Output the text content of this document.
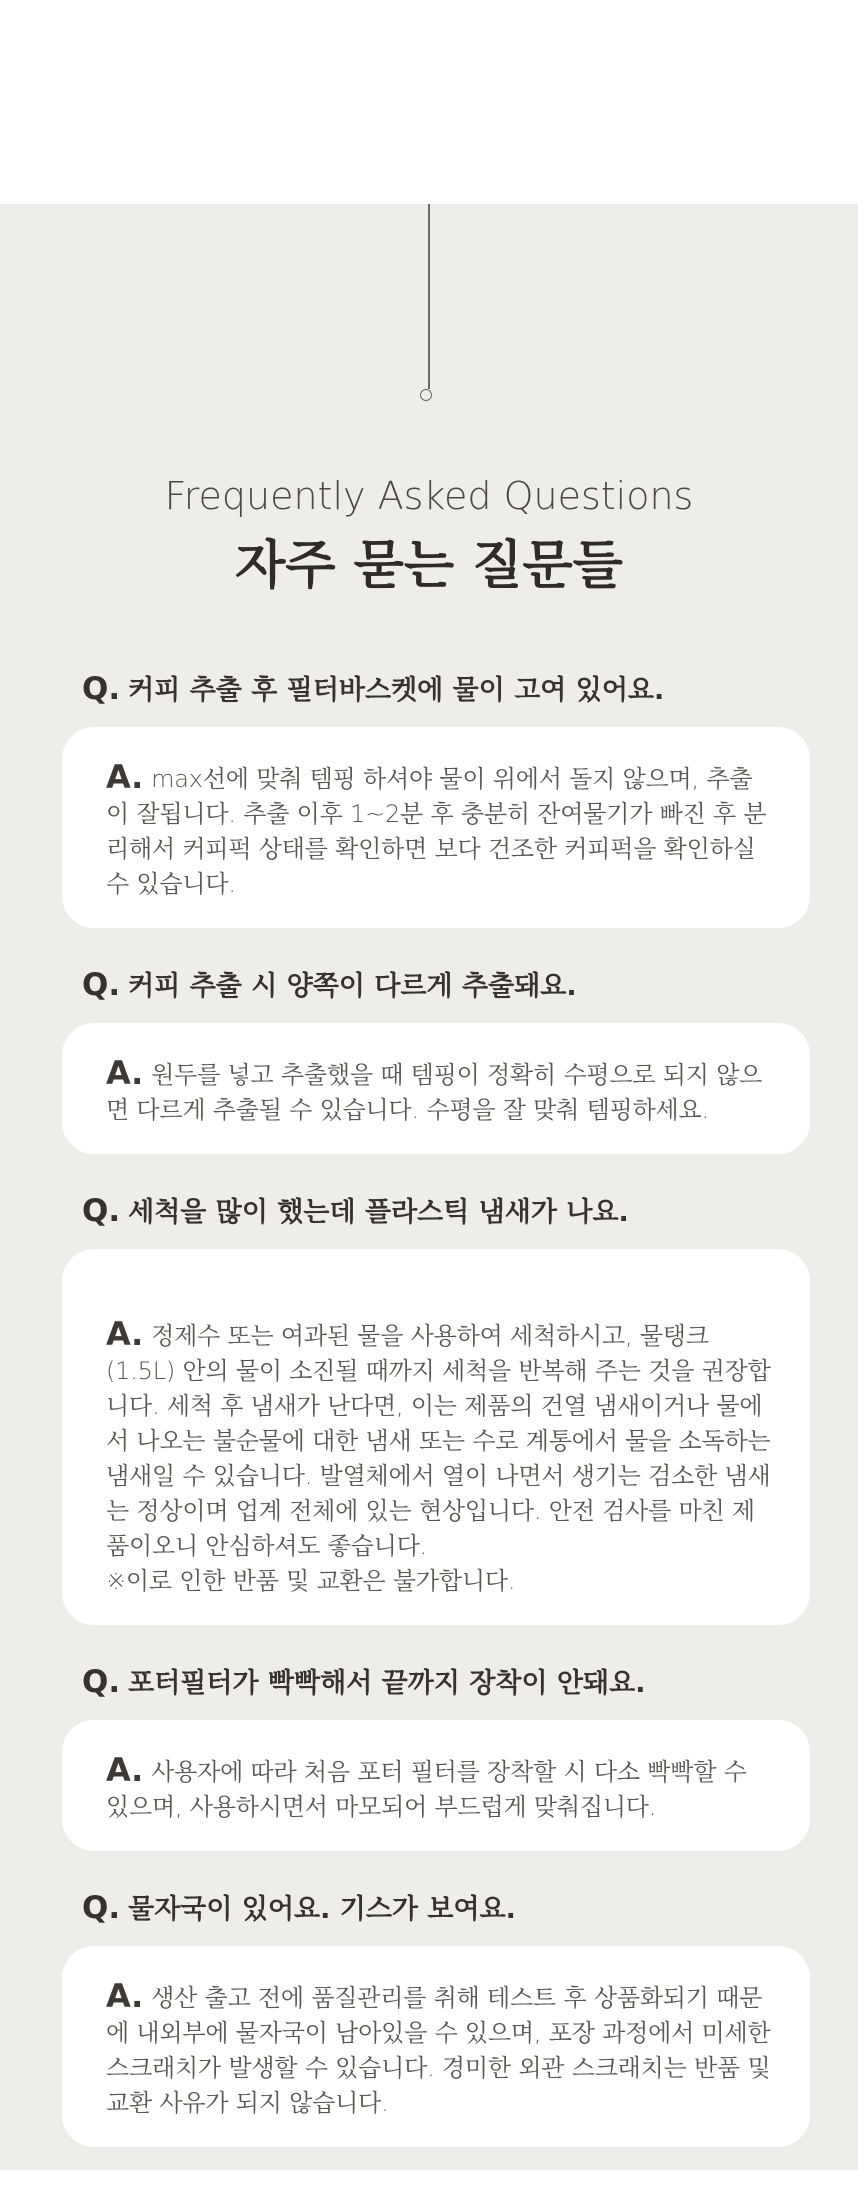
Frequently Asked Questions
자주 묻는 질문들
Q. 커피 추출 후 필터바스켓에 물이 고여 있어요.

A. max선에 맞춰 템핑 하셔야 물이 위에서 돌지 않으며, 추출이 잘됩니다. 추출 이후 1~2분 후 충분히 잔여물기가 빠진 후 분리해서 커피퍽 상태를 확인하면 보다 건조한 커피퍽을 확인하실 수 있습니다.

Q. 커피 추출 시 양쪽이 다르게 추출돼요.

A. 원두를 넣고 추출했을 때 템핑이 정확히 수평으로 되지 않으면 다르게 추출될 수 있습니다. 수평을 잘 맞춰 템핑하세요.

Q. 세척을 많이 했는데 플라스틱 냄새가 나요.

A. 정제수 또는 여과된 물을 사용하여 세척하시고, 물탱크(1.5L) 안의 물이 소진될 때까지 세척을 반복해 주는 것을 권장합니다. 세척 후 냄새가 난다면, 이는 제품의 건열 냄새이거나 물에서 나오는 불순물에 대한 냄새 또는 수로 계통에서 물을 소독하는 냄새일 수 있습니다. 발열체에서 열이 나면서 생기는 검소한 냄새는 정상이며 업계 전체에 있는 현상입니다. 안전 검사를 마친 제품이오니 안심하셔도 좋습니다.
※이로 인한 반품 및 교환은 불가합니다.

Q. 포터필터가 빡빡해서 끝까지 장착이 안돼요.

A. 사용자에 따라 처음 포터 필터를 장착할 시 다소 빡빡할 수 있으며, 사용하시면서 마모되어 부드럽게 맞춰집니다.

Q. 물자국이 있어요. 기스가 보여요.

A. 생산 출고 전에 품질관리를 취해 테스트 후 상품화되기 때문에 내외부에 물자국이 남아있을 수 있으며, 포장 과정에서 미세한 스크래치가 발생할 수 있습니다. 경미한 외관 스크래치는 반품 및 교환 사유가 되지 않습니다.
